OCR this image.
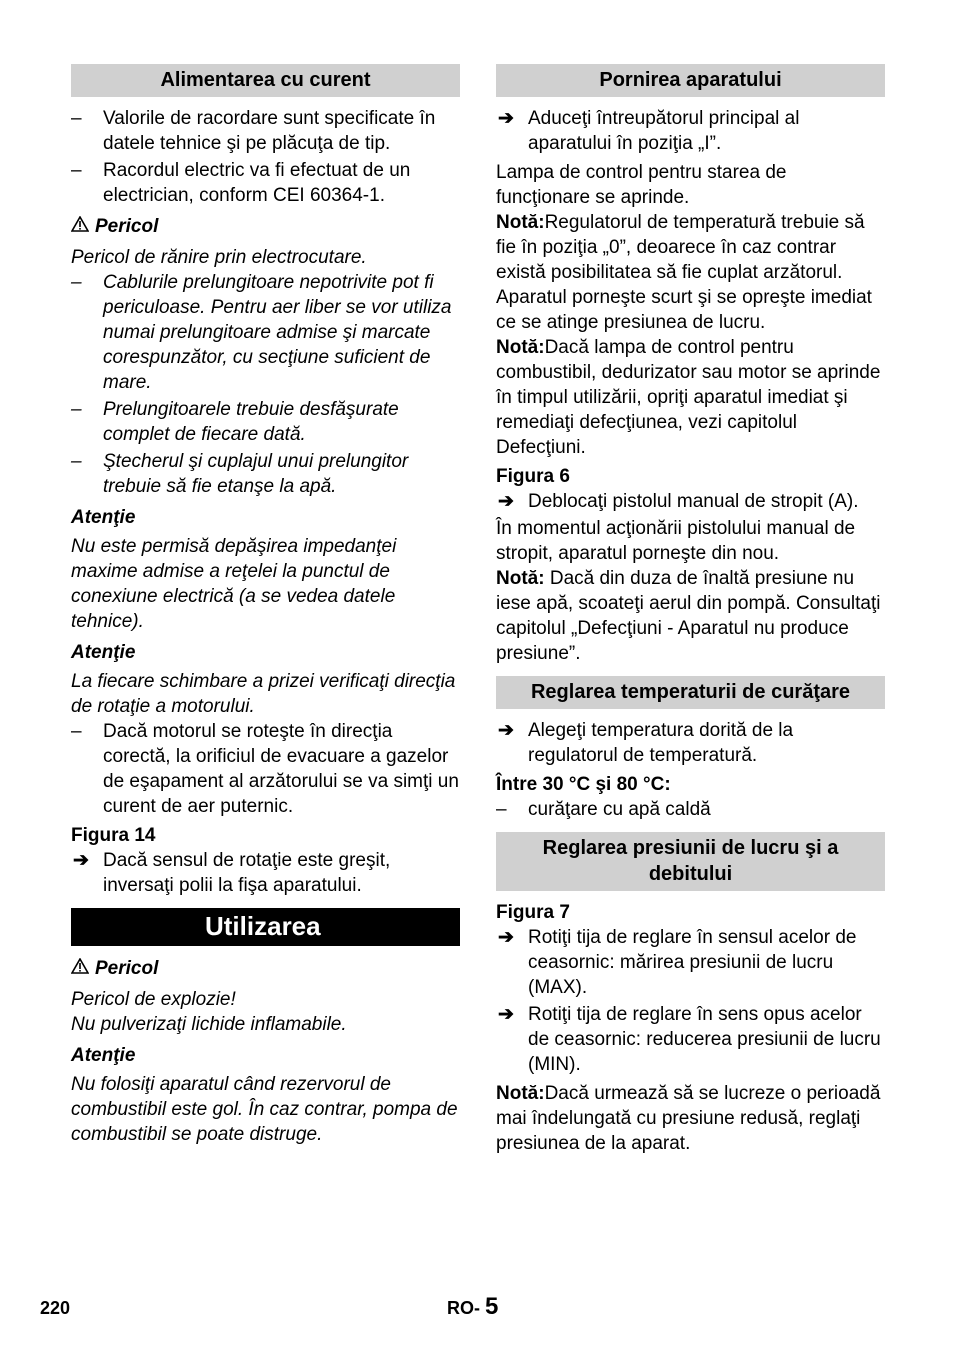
Alimentarea cu curent
– Valorile de racordare sunt specificate în datele tehnice şi pe plăcuţa de tip.
– Racordul electric va fi efectuat de un electrician, conform CEI 60364-1.
Pericol

Pericol de rănire prin electrocutare.

– Cablurile prelungitoare nepotrivite pot fi periculoase. Pentru aer liber se vor utiliza numai prelungitoare admise şi marcate corespunzător, cu secţiune suficient de mare.
– Prelungitoarele trebuie desfăşurate complet de fiecare dată.
– Ştecherul şi cuplajul unui prelungitor trebuie să fie etanşe la apă.
Atenţie

Nu este permisă depăşirea impedanţei maxime admise a reţelei la punctul de conexiune electrică (a se vedea datele tehnice).

Atenţie

La fiecare schimbare a prizei verificaţi direcţia de rotaţie a motorului.

– Dacă motorul se roteşte în direcţia corectă, la orificiul de evacuare a gazelor de eşapament al arzătorului se va simţi un curent de aer puternic.

Figura 14

➔ Dacă sensul de rotaţie este greşit, inversaţi polii la fişa aparatului.
Utilizarea
Pericol

Pericol de explozie!

Nu pulverizaţi lichide inflamabile.

Atenţie

Nu folosiţi aparatul când rezervorul de combustibil este gol. În caz contrar, pompa de combustibil se poate distruge.

Pornirea aparatului
➔ Aduceţi întreupătorul principal al aparatului în poziţia „I”.

Lampa de control pentru starea de funcţionare se aprinde.

Notă:Regulatorul de temperatură trebuie să fie în poziţia „0”, deoarece în caz contrar există posibilitatea să fie cuplat arzătorul.

Aparatul porneşte scurt şi se opreşte imediat ce se atinge presiunea de lucru.

Notă:Dacă lampa de control pentru combustibil, dedurizator sau motor se aprinde în timpul utilizării, opriţi aparatul imediat şi remediaţi defecţiunea, vezi capitolul Defecţiuni.

Figura 6

➔ Deblocaţi pistolul manual de stropit (A).

În momentul acţionării pistolului manual de stropit, aparatul porneşte din nou.

Notă: Dacă din duza de înaltă presiune nu iese apă, scoateţi aerul din pompă. Consultaţi capitolul „Defecţiuni - Aparatul nu produce presiune”.

Reglarea temperaturii de curăţare
➔ Alegeţi temperatura dorită de la regulatorul de temperatură.

Între 30 °C şi 80 °C:

– curăţare cu apă caldă
Reglarea presiunii de lucru şi a debitului

Figura 7

➔ Rotiţi tija de reglare în sensul acelor de ceasornic: mărirea presiunii de lucru (MAX).
➔ Rotiţi tija de reglare în sens opus acelor de ceasornic: reducerea presiunii de lucru (MIN).

Notă:Dacă urmează să se lucreze o perioadă mai îndelungată cu presiune redusă, reglaţi presiunea de la aparat.

220	RO- 5
